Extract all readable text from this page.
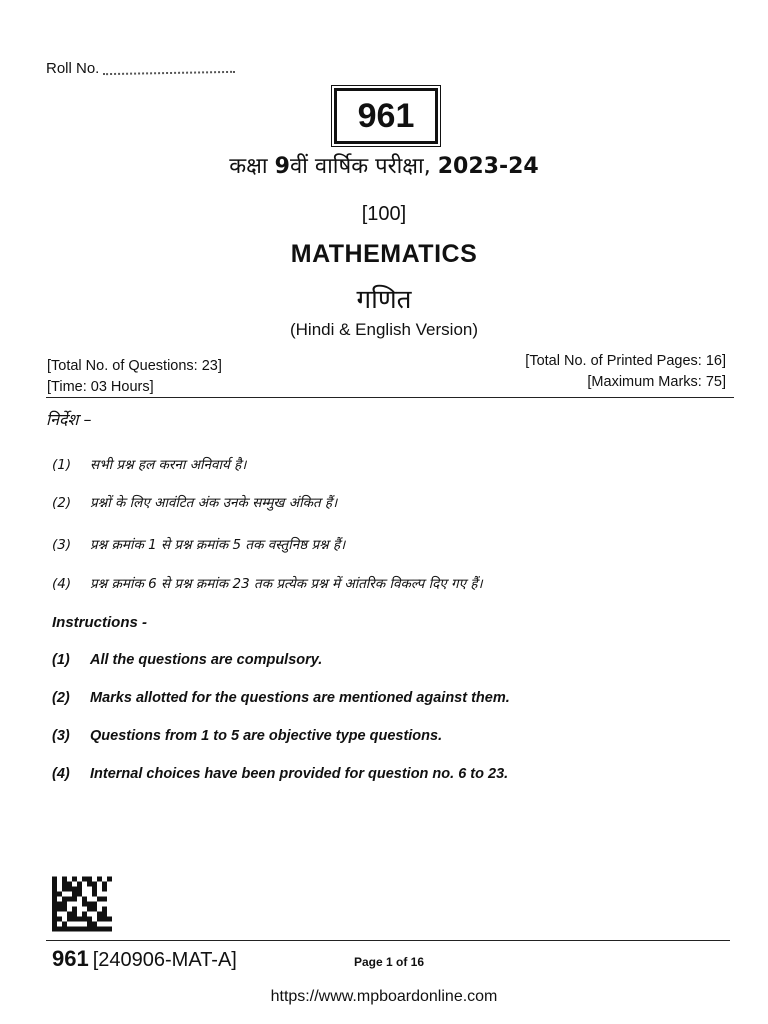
Roll No.
961
कक्षा 9वीं वार्षिक परीक्षा, 2023-24
[100]
MATHEMATICS
गणित
(Hindi & English Version)
[Total No. of Questions: 23]
[Time: 03 Hours]
[Total No. of Printed Pages: 16]
[Maximum Marks: 75]
निर्देश –
(1) सभी प्रश्न हल करना अनिवार्य है।
(2) प्रश्नों के लिए आवंटित अंक उनके सम्मुख अंकित हैं।
(3) प्रश्न क्रमांक 1 से प्रश्न क्रमांक 5 तक वस्तुनिष्ठ प्रश्न हैं।
(4) प्रश्न क्रमांक 6 से प्रश्न क्रमांक 23 तक प्रत्येक प्रश्न में आंतरिक विकल्प दिए गए हैं।
Instructions -
(1) All the questions are compulsory.
(2) Marks allotted for the questions are mentioned against them.
(3) Questions from 1 to 5 are objective type questions.
(4) Internal choices have been provided for question no. 6 to 23.
961 [240906-MAT-A]	Page 1 of 16
https://www.mpboardonline.com
